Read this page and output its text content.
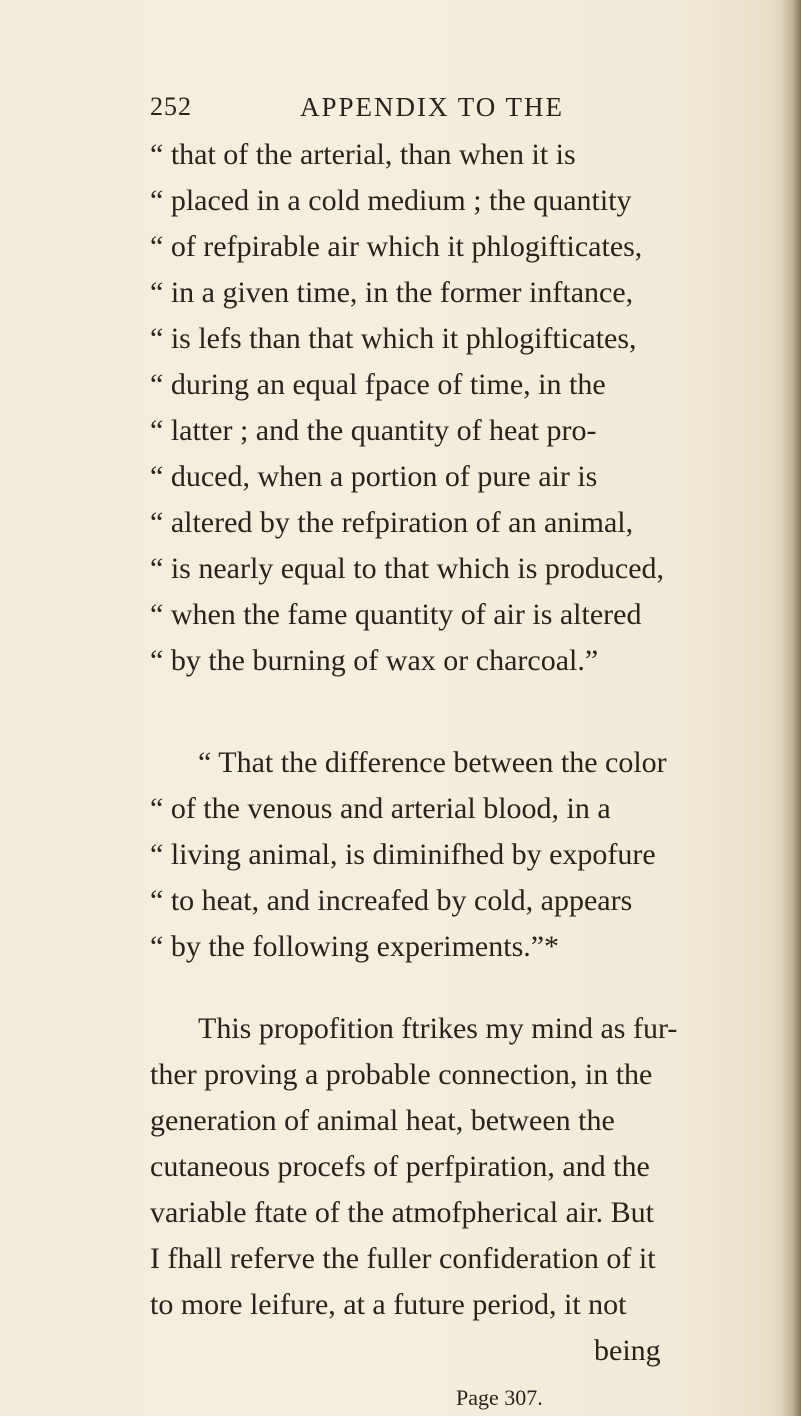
252	APPENDIX TO THE
“ that of the arterial, than when it is
“ placed in a cold medium ; the quantity
“ of refpirable air which it phlogifticates,
“ in a given time, in the former inftance,
“ is lefs than that which it phlogifticates,
“ during an equal fpace of time, in the
“ latter ; and the quantity of heat pro-
“ duced, when a portion of pure air is
“ altered by the refpiration of an animal,
“ is nearly equal to that which is produced,
“ when the fame quantity of air is altered
“ by the burning of wax or charcoal.”
“ That the difference between the color
“ of the venous and arterial blood, in a
“ living animal, is diminifhed by expofure
“ to heat, and increafed by cold, appears
“ by the following experiments.”*
This propofition ftrikes my mind as fur-
ther proving a probable connection, in the
generation of animal heat, between the
cutaneous procefs of perfpiration, and the
variable ftate of the atmofpherical air. But
I fhall referve the fuller confideration of it
to more leifure, at a future period, it not
being
Page 307.
